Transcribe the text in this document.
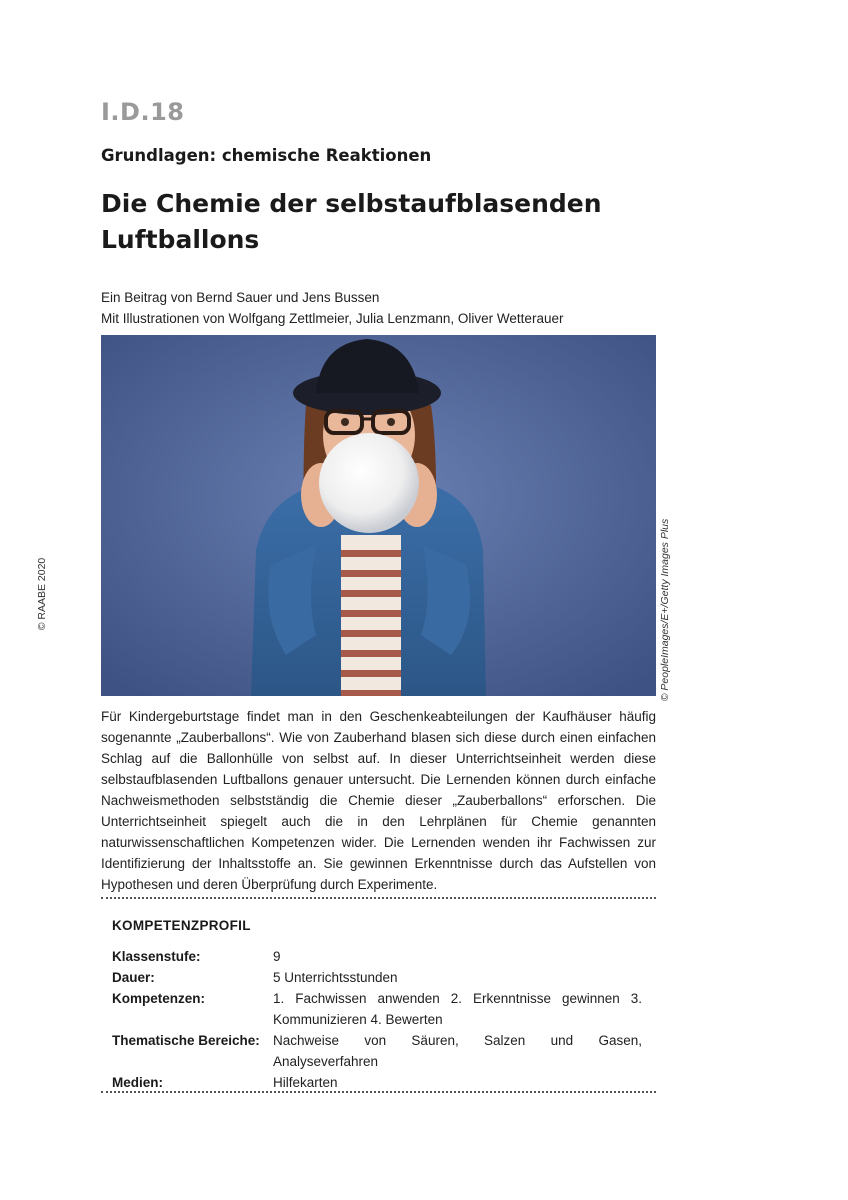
I.D.18
Grundlagen: chemische Reaktionen
Die Chemie der selbstaufblasenden Luftballons
Ein Beitrag von Bernd Sauer und Jens Bussen
Mit Illustrationen von Wolfgang Zettlmeier, Julia Lenzmann, Oliver Wetterauer
© RAABE 2020	© PeopleImages/E+/Getty Images Plus

Für Kindergeburtstage findet man in den Geschenkeabteilungen der Kaufhäuser häufig sogenannte „Zauberballons“. Wie von Zauberhand blasen sich diese durch einen einfachen Schlag auf die Ballonhülle von selbst auf. In dieser Unterrichtseinheit werden diese selbstaufblasenden Luftballons genauer untersucht. Die Lernenden können durch einfache Nachweismethoden selbstständig die Chemie dieser „Zauberballons“ erforschen. Die Unterrichtseinheit spiegelt auch die in den Lehrplänen für Chemie genannten naturwissenschaftlichen Kompetenzen wider. Die Lernenden wenden ihr Fachwissen zur Identifizierung der Inhaltsstoffe an. Sie gewinnen Erkenntnisse durch das Aufstellen von Hypothesen und deren Überprüfung durch Experimente.

KOMPETENZPROFIL
Klassenstufe:	9
Dauer:	5 Unterrichtsstunden
Kompetenzen:	1. Fachwissen anwenden 2. Erkenntnisse gewinnen 3. Kommunizieren 4. Bewerten
Thematische Bereiche: Nachweise von Säuren, Salzen und Gasen, Analyseverfahren
Medien:	Hilfekarten
